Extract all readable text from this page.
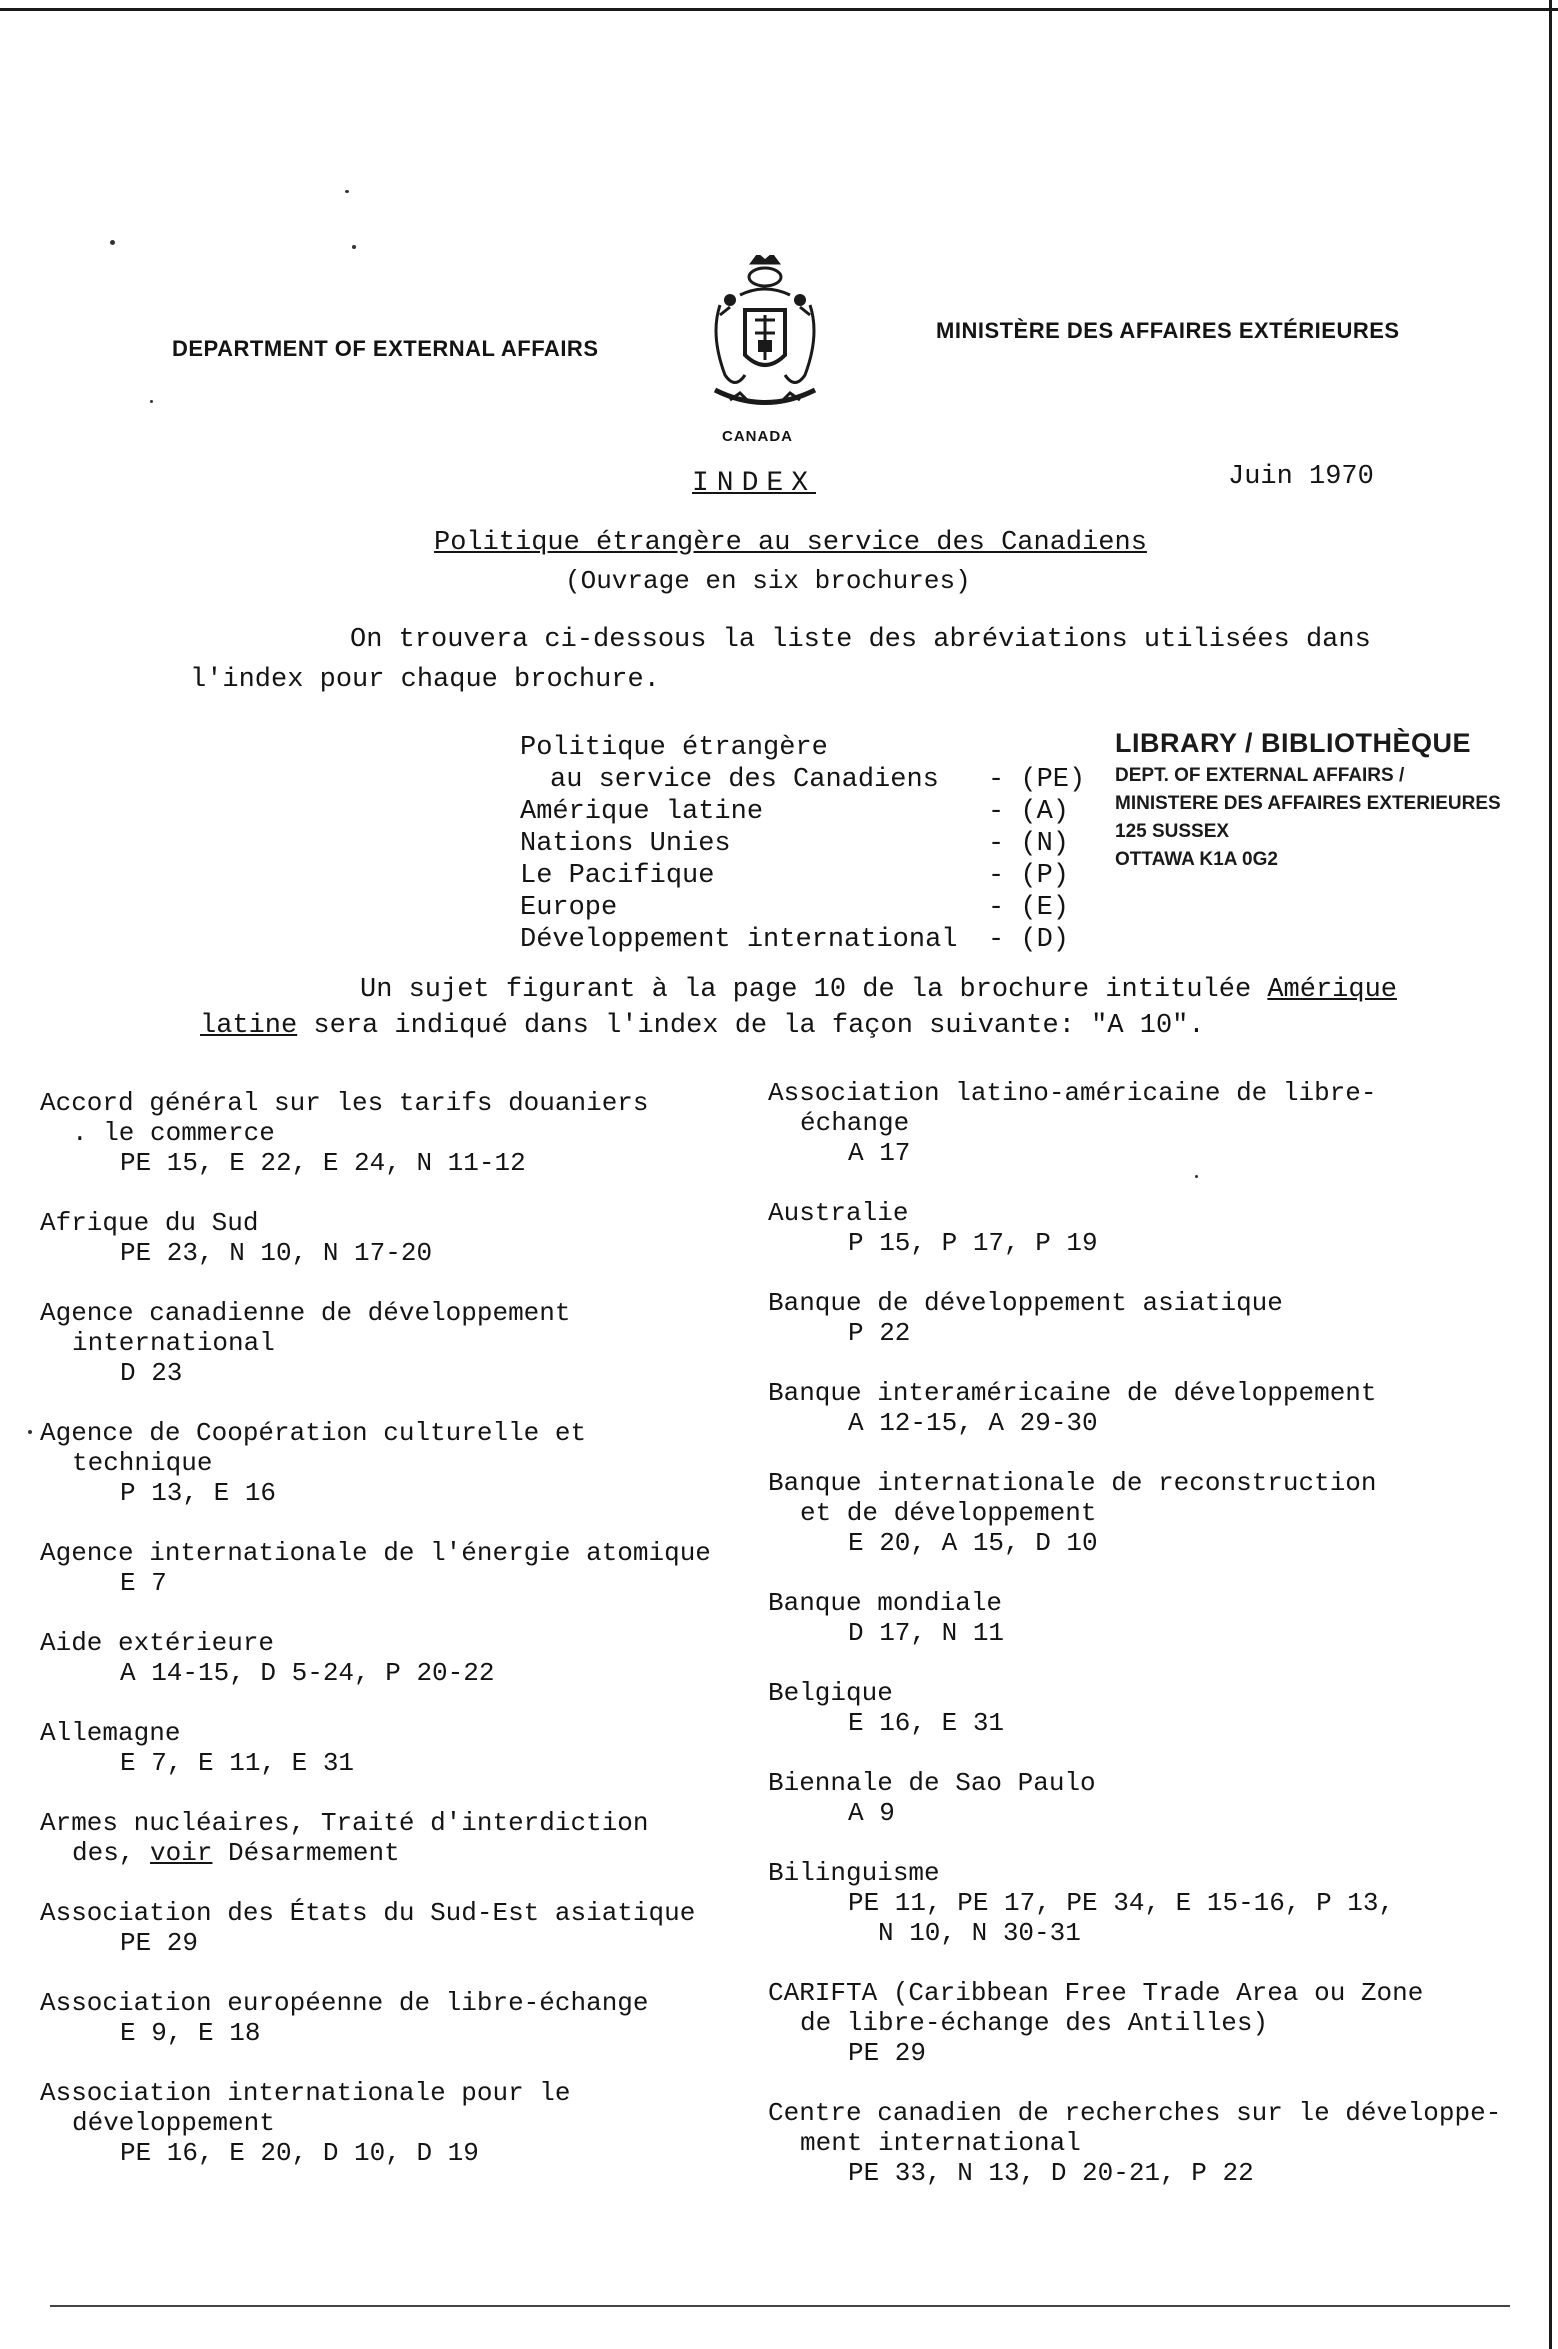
DEPARTMENT OF EXTERNAL AFFAIRS
CANADA
MINISTÈRE DES AFFAIRES EXTÉRIEURES
INDEX	Juin 1970
Politique étrangère au service des Canadiens
(Ouvrage en six brochures)
On trouvera ci-dessous la liste des abréviations utilisées dans
l'index pour chaque brochure.
Politique étrangère
au service des Canadiens - (PE)
Amérique latine	- (A)
Nations Unies	- (N)
Le Pacifique	- (P)
Europe	- (E)
Développement international - (D)
LIBRARY / BIBLIOTHÈQUE
DEPT. OF EXTERNAL AFFAIRS /
MINISTERE DES AFFAIRES EXTERIEURES
125 SUSSEX
OTTAWA K1A 0G2
Un sujet figurant à la page 10 de la brochure intitulée Amérique
latine sera indiqué dans l'index de la façon suivante: "A 10".
Accord général sur les tarifs douaniers
. le commerce
PE 15, E 22, E 24, N 11-12
Afrique du Sud
PE 23, N 10, N 17-20
Agence canadienne de développement
international
D 23
Agence de Coopération culturelle et
technique
P 13, E 16
Agence internationale de l'énergie atomique
E 7
Aide extérieure
A 14-15, D 5-24, P 20-22
Allemagne
E 7, E 11, E 31
Armes nucléaires, Traité d'interdiction
des, voir Désarmement
Association des États du Sud-Est asiatique
PE 29
Association européenne de libre-échange
E 9, E 18
Association internationale pour le
développement
PE 16, E 20, D 10, D 19
Association latino-américaine de libre-
échange
A 17
Australie
P 15, P 17, P 19
Banque de développement asiatique
P 22
Banque interaméricaine de développement
A 12-15, A 29-30
Banque internationale de reconstruction
et de développement
E 20, A 15, D 10
Banque mondiale
D 17, N 11
Belgique
E 16, E 31
Biennale de Sao Paulo
A 9
Bilinguisme
PE 11, PE 17, PE 34, E 15-16, P 13,
N 10, N 30-31
CARIFTA (Caribbean Free Trade Area ou Zone
de libre-échange des Antilles)
PE 29
Centre canadien de recherches sur le développe-
ment international
PE 33, N 13, D 20-21, P 22
